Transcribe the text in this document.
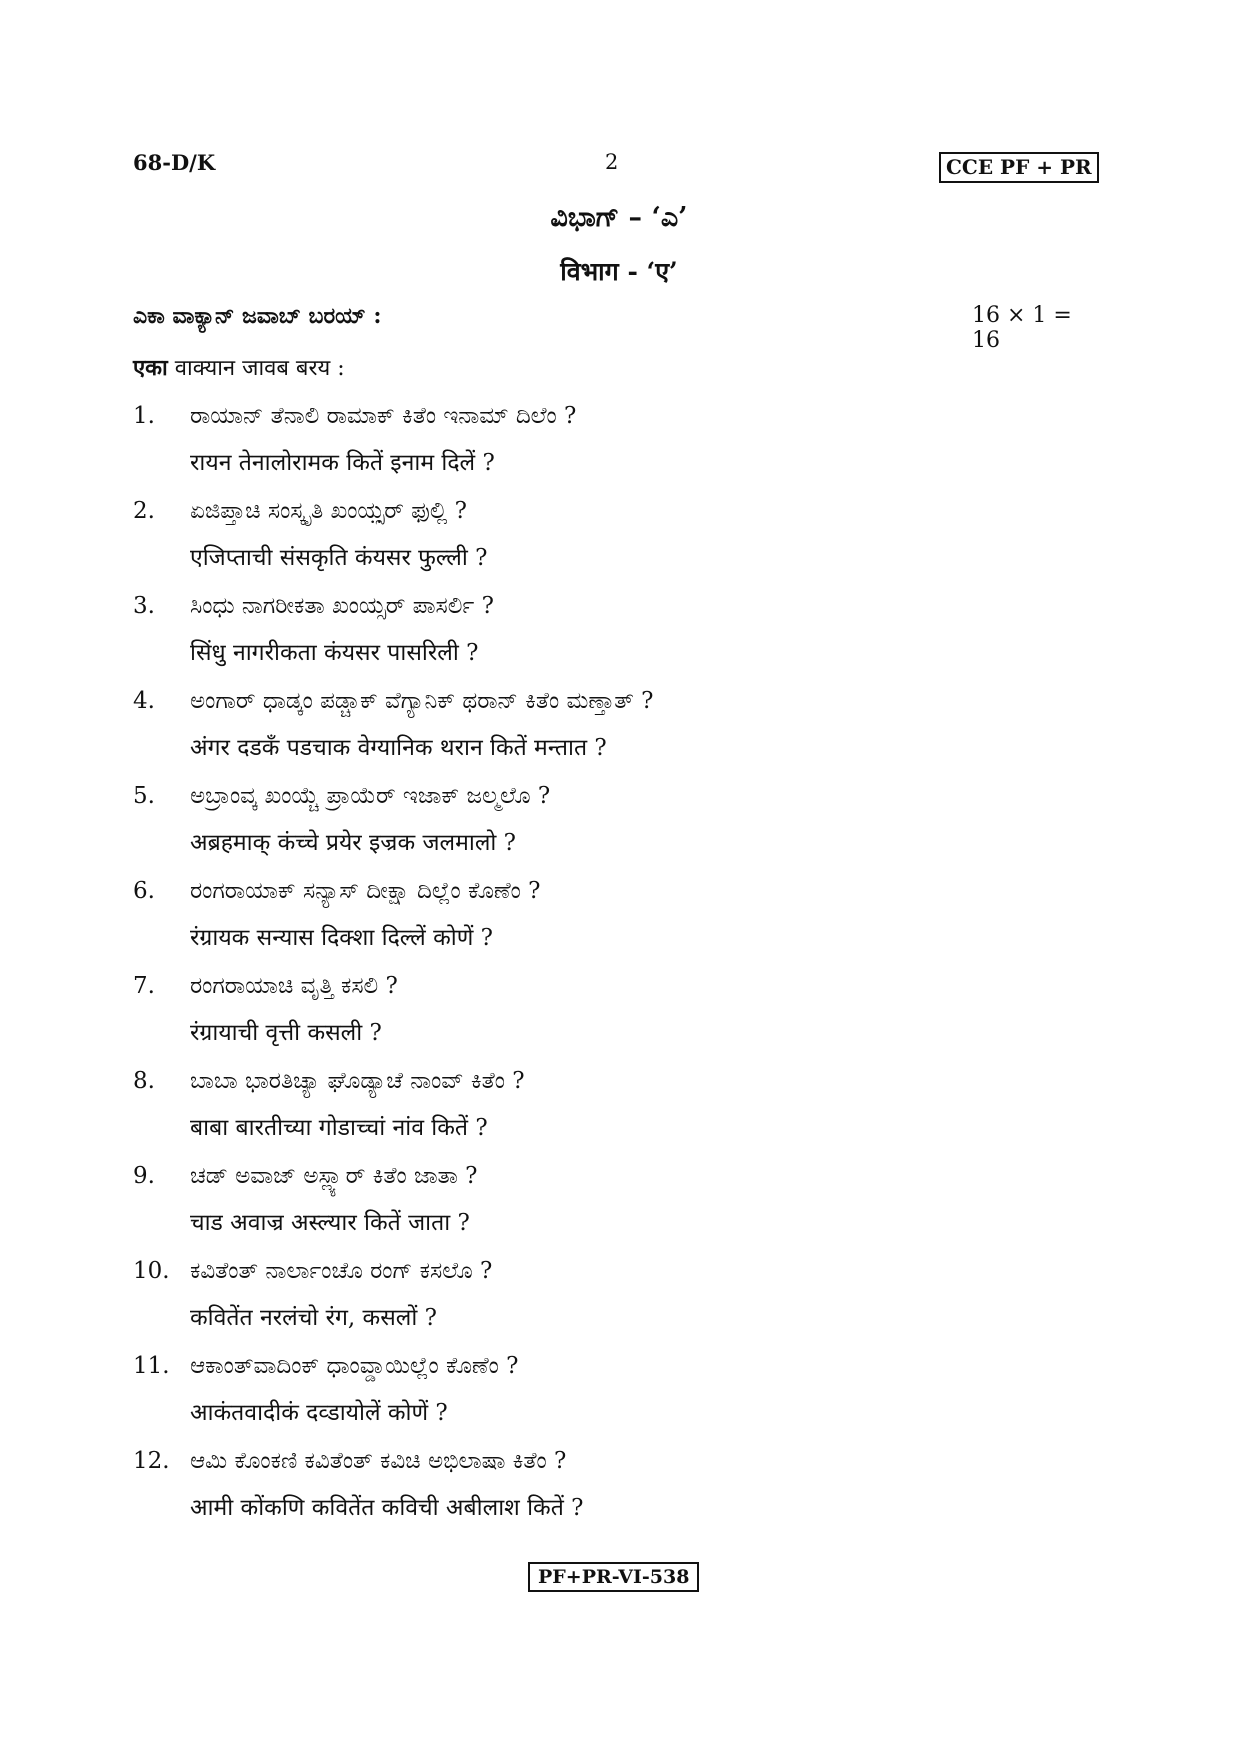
68-D/K	2	CCE PF + PR
ವಿಭಾಗ್ – ‘ಎ’
विभाग - ‘ए’
ಎಕಾ ವಾಕ್ಯಾನ್ ಜವಾಬ್ ಬರಯ್ :	16 × 1 = 16
एका वाक्यान जावब बरय :
1.	ರಾಯಾನ್ ತೆನಾಲಿ ರಾಮಾಕ್ ಕಿತೆಂ ಇನಾಮ್ ದಿಲೆಂ ?
रायन तेनालोरामक कितें इनाम दिलें ?
2.	ಏಜಿಪ್ತಾಚಿ ಸಂಸ್ಕೃತಿ ಖಂಯ಼್ಸರ್ ಫುಲ್ಲಿ ?
एजिप्ताची संसकृति कंयसर फुल्ली ?
3.	ಸಿಂಧು ನಾಗರೀಕತಾ ಖಂಯ್ಸರ್ ಪಾಸರ್ಲಿ ?
सिंधु नागरीकता कंयसर पासरिली ?
4.	ಅಂಗಾರ್ ಧಾಡ್ಕಂ ಪಡ್ಚಾಕ್ ವೆಗ್ಯಾನಿಕ್ ಥರಾನ್ ಕಿತೆಂ ಮಣ್ತಾತ್ ?
अंगर दडकँ पडचाक वेग्यानिक थरान कितें मन्तात ?
5.	ಅಬ್ರಾಂವ್ಕ ಖಂಯ್ಚೆ ಪ್ರಾಯೆರ್ ಇಜಾಕ್ ಜಲ್ಮಲೊ ?
अब्रहमाक् कंच्चे प्रयेर इज्रक जलमालो ?
6.	ರಂಗರಾಯಾಕ್ ಸನ್ಯಾಸ್ ದೀಕ್ಷಾ ದಿಲ್ಲೆಂ ಕೊಣೆಂ ?
रंग्रायक सन्यास दिक्शा दिल्लें कोणें ?
7.	ರಂಗರಾಯಾಚಿ ವೃತ್ತಿ ಕಸಲಿ ?
रंग्रायाची वृत्ती कसली ?
8.	ಬಾಬಾ ಭಾರತಿಚ್ಯಾ ಘೊಡ್ಯಾಚೆ ನಾಂವ್ ಕಿತೆಂ ?
बाबा बारतीच्या गोडाच्चां नांव कितें ?
9.	ಚಡ್ ಅವಾಜ್ ಅಸ್ಲ್ಯಾರ್ ಕಿತೆಂ ಜಾತಾ ?
चाड अवाज्र अस्ल्यार कितें जाता ?
10. ಕವಿತೆಂತ್ ನಾರ್ಲಾಂಚೊ ರಂಗ್ ಕಸಲೊ ?
कवितेंत नरलंचो रंग, कसलों ?
11. ಆಕಾಂತ್‌ವಾದಿಂಕ್ ಧಾಂವ್ಡಾಯಿಲ್ಲೆಂ ಕೊಣೆಂ ?
आकंतवादीकं दव्डायोलें कोणें ?
12. ಆಮಿ ಕೊಂಕಣಿ ಕವಿತೆಂತ್ ಕವಿಚಿ ಅಭಿಲಾಷಾ ಕಿತೆಂ ?
आमी कोंकणि कवितेंत कविची अबीलाश कितें ?
PF+PR-VI-538
